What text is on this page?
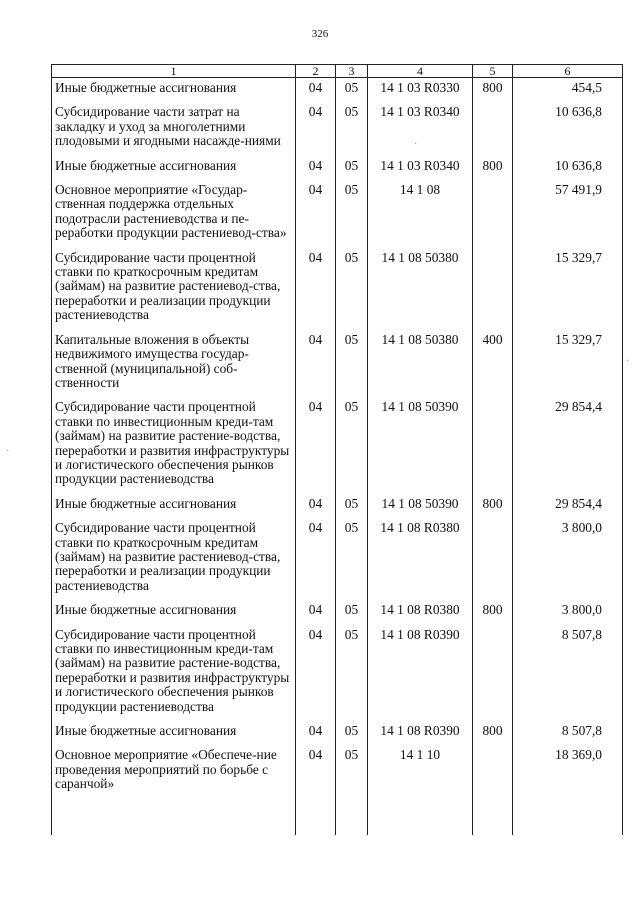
326
1	2	3	4	5	6
Иные бюджетные ассигнования	04	05	14 1 03 R0330	800	454,5
Субсидирование части затрат на закладку и уход за многолетними плодовыми и ягодными насажде-ниями	04	05	14 1 03 R0340		10 636,8
Иные бюджетные ассигнования	04	05	14 1 03 R0340	800	10 636,8
Основное мероприятие «Государ-ственная поддержка отдельных подотрасли растениеводства и пе-реработки продукции растениевод-ства»	04	05	14 1 08		57 491,9
Субсидирование части процентной ставки по краткосрочным кредитам (займам) на развитие растениевод-ства, переработки и реализации продукции растениеводства	04	05	14 1 08 50380		15 329,7
Капитальные вложения в объекты недвижимого имущества государ-ственной (муниципальной) соб-ственности	04	05	14 1 08 50380	400	15 329,7
Субсидирование части процентной ставки по инвестиционным креди-там (займам) на развитие растение-водства, переработки и развития инфраструктуры и логистического обеспечения рынков продукции растениеводства	04	05	14 1 08 50390		29 854,4
Иные бюджетные ассигнования	04	05	14 1 08 50390	800	29 854,4
Субсидирование части процентной ставки по краткосрочным кредитам (займам) на развитие растениевод-ства, переработки и реализации продукции растениеводства	04	05	14 1 08 R0380		3 800,0
Иные бюджетные ассигнования	04	05	14 1 08 R0380	800	3 800,0
Субсидирование части процентной ставки по инвестиционным креди-там (займам) на развитие растение-водства, переработки и развития инфраструктуры и логистического обеспечения рынков продукции растениеводства	04	05	14 1 08 R0390		8 507,8
Иные бюджетные ассигнования	04	05	14 1 08 R0390	800	8 507,8
Основное мероприятие «Обеспече-ние проведения мероприятий по борьбе с саранчой»	04	05	14 1 10		18 369,0

·
·
·
